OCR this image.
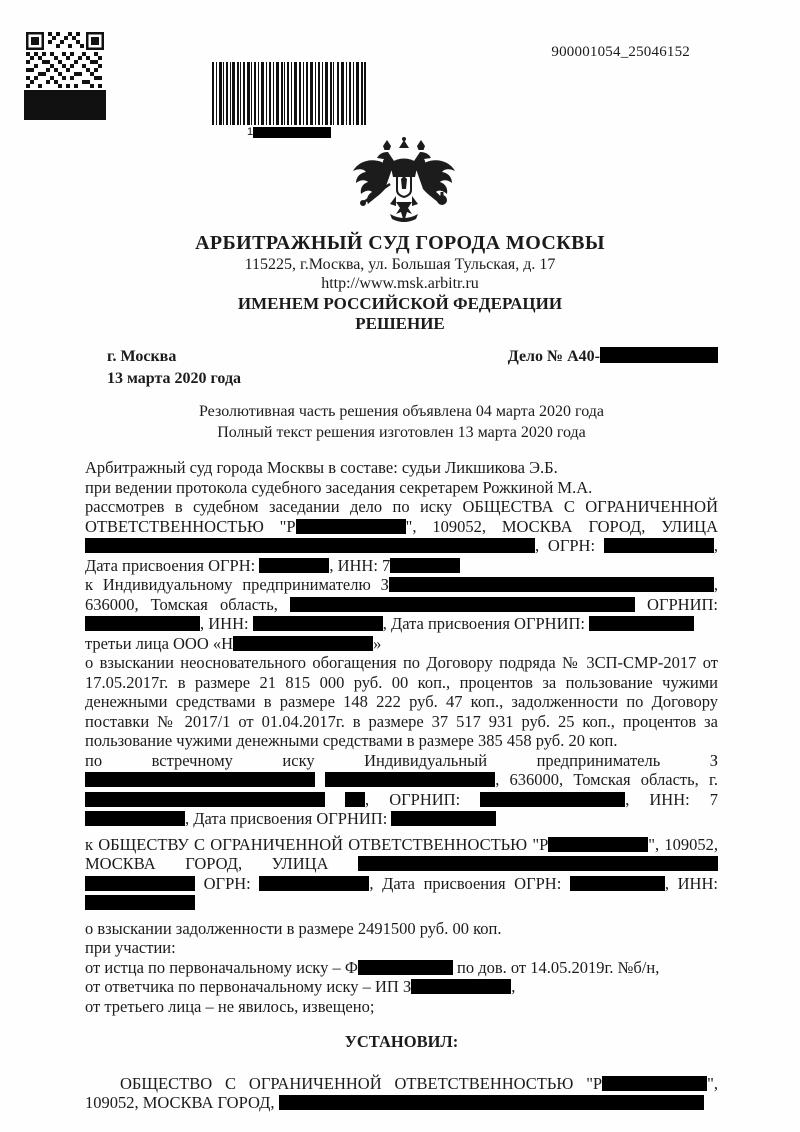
1
900001054_25046152
АРБИТРАЖНЫЙ СУД ГОРОДА МОСКВЫ
115225, г.Москва, ул. Большая Тульская, д. 17
http://www.msk.arbitr.ru
ИМЕНЕМ РОССИЙСКОЙ ФЕДЕРАЦИИ
РЕШЕНИЕ
г. Москва	Дело № А40-
13 марта 2020 года
Резолютивная часть решения объявлена 04 марта 2020 года
Полный текст решения изготовлен 13 марта 2020 года
Арбитражный суд города Москвы в составе: судьи Ликшикова Э.Б.
при ведении протокола судебного заседания секретарем Рожкиной М.А.
рассмотрев в судебном заседании дело по иску ОБЩЕСТВА С ОГРАНИЧЕННОЙ ОТВЕТСТВЕННОСТЬЮ "Р	", 109052, МОСКВА ГОРОД, УЛИЦА , ОГРН:	, Дата присвоения ОГРН:	, ИНН: 7
к Индивидуальному предпринимателю З	, 636000, Томская область,	ОГРНИП: , ИНН:	, Дата присвоения ОГРНИП:
третьи лица ООО «Н	»
о взыскании неосновательного обогащения по Договору подряда № 3СП-СМР-2017 от 17.05.2017г. в размере 21 815 000 руб. 00 коп., процентов за пользование чужими денежными средствами в размере 148 222 руб. 47 коп., задолженности по Договору поставки № 2017/1 от 01.04.2017г. в размере 37 517 931 руб. 25 коп., процентов за пользование чужими денежными средствами в размере 385 458 руб. 20 коп.
по встречному иску Индивидуальный предприниматель З , 636000, Томская область, г.  , ОГРНИП:	, ИНН: 7, Дата присвоения ОГРНИП:
к ОБЩЕСТВУ С ОГРАНИЧЕННОЙ ОТВЕТСТВЕННОСТЬЮ "Р	", 109052, МОСКВА ГОРОД, УЛИЦА   ОГРН:	, Дата присвоения ОГРН:	, ИНН:
о взыскании задолженности в размере 2491500 руб. 00 коп.
при участии:
от истца по первоначальному иску – Ф	по дов. от 14.05.2019г. №б/н,
от ответчика по первоначальному иску – ИП З	,
от третьего лица – не явилось, извещено;
УСТАНОВИЛ:
ОБЩЕСТВО С ОГРАНИЧЕННОЙ ОТВЕТСТВЕННОСТЬЮ "Р	", 109052, МОСКВА ГОРОД,
